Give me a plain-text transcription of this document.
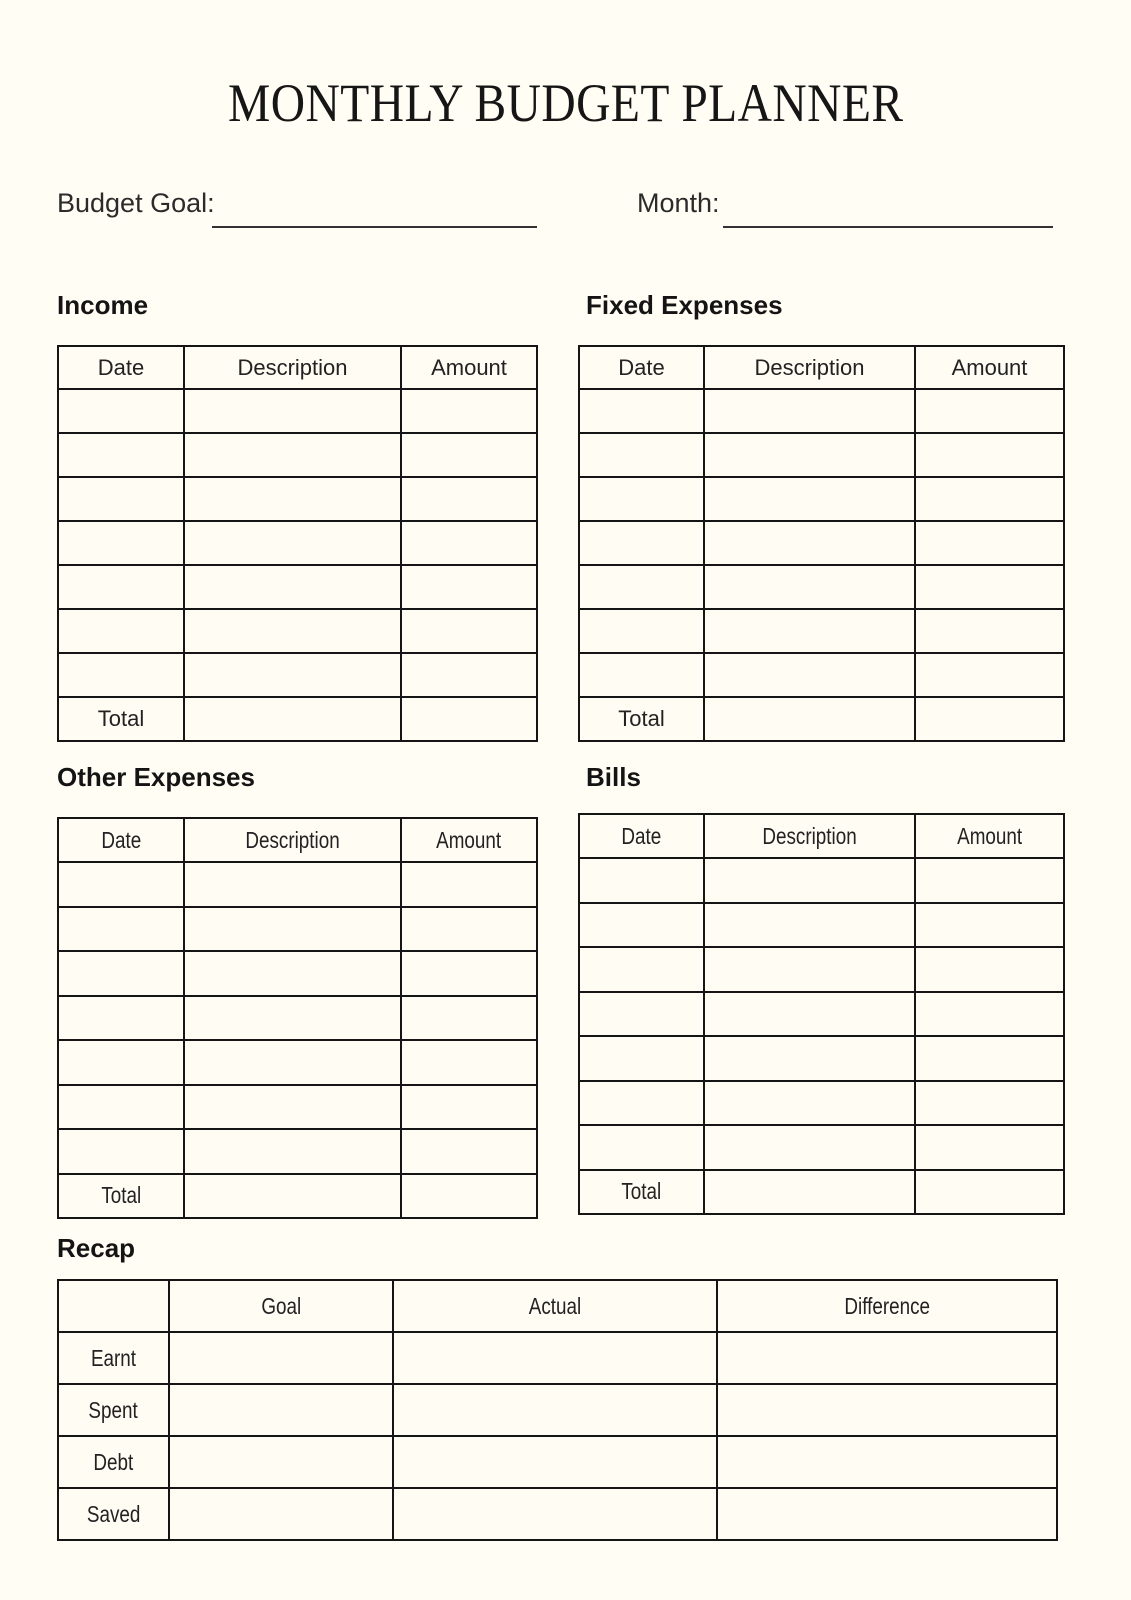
MONTHLY BUDGET PLANNER
Budget Goal:	Month:
Income	Fixed Expenses
Date	Description	Amount

Total		
Date	Description	Amount

Total		
Other Expenses	Bills
Date	Description	Amount

Total		
Date	Description	Amount

Total		
Recap
	Goal	Actual	Difference
Earnt			
Spent			
Debt			
Saved			
